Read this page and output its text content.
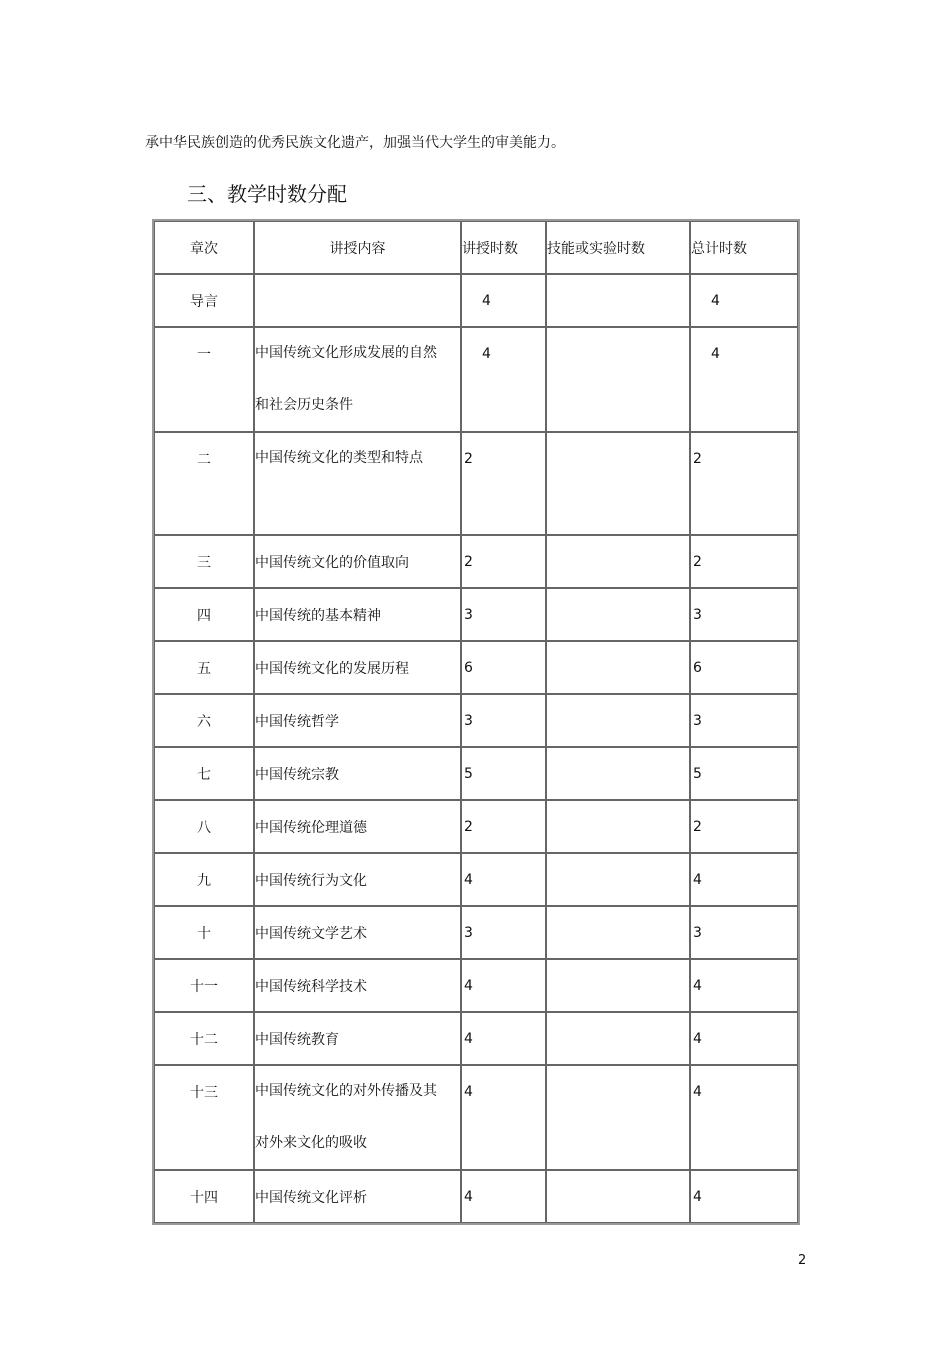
承中华民族创造的优秀民族文化遗产，加强当代大学生的审美能力。
三、教学时数分配
章次	讲授内容	讲授时数	技能或实验时数	总计时数

导言		4		4

一	中国传统文化形成发展的自然和社会历史条件	4		4

二	中国传统文化的类型和特点	2		2

三	中国传统文化的价值取向	2		2

四	中国传统的基本精神	3		3

五	中国传统文化的发展历程	6		6

六	中国传统哲学	3		3

七	中国传统宗教	5		5

八	中国传统伦理道德	2		2

九	中国传统行为文化	4		4

十	中国传统文学艺术	3		3

十一	中国传统科学技术	4		4

十二	中国传统教育	4		4

十三	中国传统文化的对外传播及其对外来文化的吸收	4		4

十四	中国传统文化评析	4		4
2
